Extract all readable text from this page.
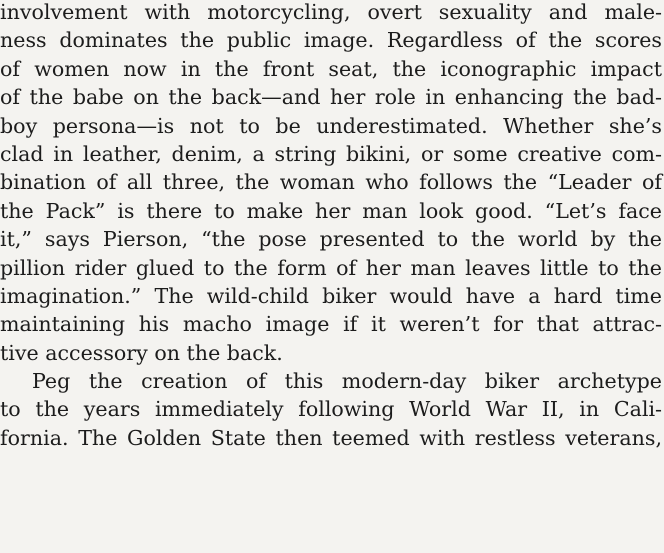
involvement with motorcycling, overt sexuality and male-
ness dominates the public image. Regardless of the scores
of women now in the front seat, the iconographic impact
of the babe on the back—and her role in enhancing the bad-
boy persona—is not to be underestimated. Whether she’s
clad in leather, denim, a string bikini, or some creative com-
bination of all three, the woman who follows the “Leader of
the Pack” is there to make her man look good. “Let’s face
it,” says Pierson, “the pose presented to the world by the
pillion rider glued to the form of her man leaves little to the
imagination.” The wild-child biker would have a hard time
maintaining his macho image if it weren’t for that attrac-
tive accessory on the back.
Peg the creation of this modern-day biker archetype
to the years immediately following World War II, in Cali-
fornia. The Golden State then teemed with restless veterans,
